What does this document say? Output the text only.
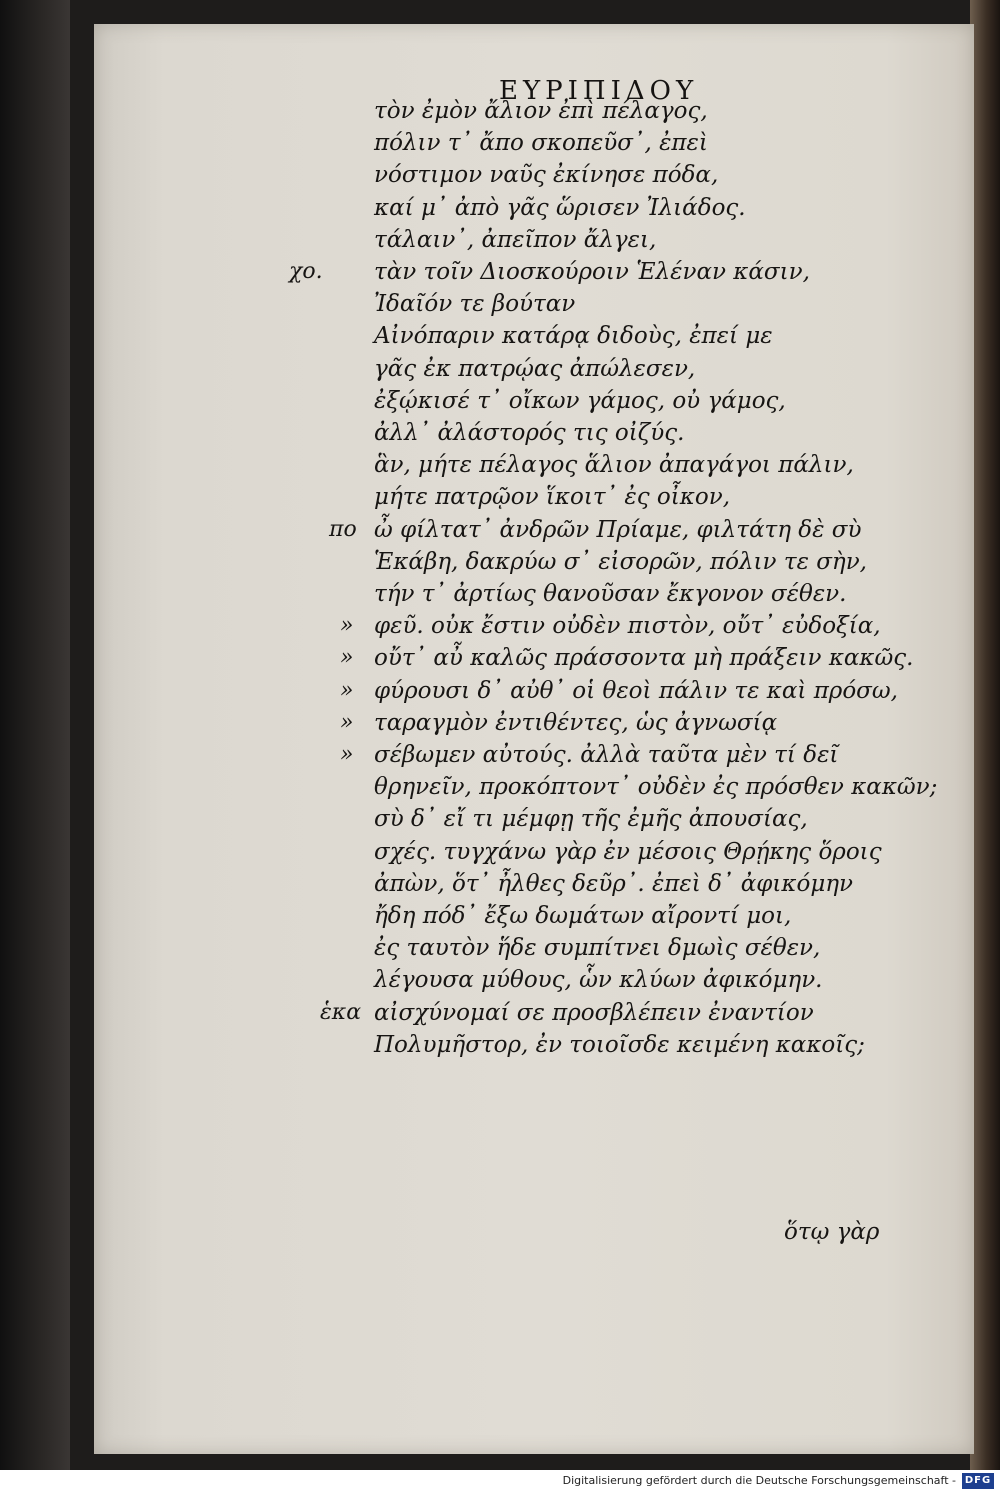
ΕΥΡΙΠΙΔΟΥ
τὸν ἐμὸν ἄλιον ἐπὶ πέλαγος,
πόλιν τ᾽ ἄπο σκοπεῦσ᾽, ἐπεὶ
νόστιμον ναῦς ἐκίνησε πόδα,
καί μ᾽ ἀπὸ γᾶς ὥρισεν Ἰλιάδος.
τάλαιν᾽, ἀπεῖπον ἄλγει,
χο. τὰν τοῖν Διοσκούροιν Ἑλέναν κάσιν,
Ἰδαῖόν τε βούταν
Αἰνόπαριν κατάρᾳ διδοὺς, ἐπεί με
γᾶς ἐκ πατρῴας ἀπώλεσεν,
ἐξῴκισέ τ᾽ οἴκων γάμος, οὐ γάμος,
ἀλλ᾽ ἀλάστορός τις οἰζύς.
ἃν, μήτε πέλαγος ἅλιον ἀπαγάγοι πάλιν,
μήτε πατρῷον ἵκοιτ᾽ ἐς οἶκον,
πο ὦ φίλτατ᾽ ἀνδρῶν Πρίαμε, φιλτάτη δὲ σὺ
Ἑκάβη, δακρύω σ᾽ εἰσορῶν, πόλιν τε σὴν,
τήν τ᾽ ἀρτίως θανοῦσαν ἔκγονον σέθεν.
» φεῦ. οὐκ ἔστιν οὐδὲν πιστὸν, οὔτ᾽ εὐδοξία,
» οὔτ᾽ αὖ καλῶς πράσσοντα μὴ πράξειν κακῶς.
» φύρουσι δ᾽ αὐθ᾽ οἱ θεοὶ πάλιν τε καὶ πρόσω,
» ταραγμὸν ἐντιθέντες, ὡς ἀγνωσίᾳ
» σέβωμεν αὐτούς. ἀλλὰ ταῦτα μὲν τί δεῖ
θρηνεῖν, προκόπτοντ᾽ οὐδὲν ἐς πρόσθεν κακῶν;
σὺ δ᾽ εἴ τι μέμφῃ τῆς ἐμῆς ἀπουσίας,
σχές. τυγχάνω γὰρ ἐν μέσοις Θρῄκης ὅροις
ἀπὼν, ὅτ᾽ ἦλθες δεῦρ᾽. ἐπεὶ δ᾽ ἀφικόμην
ἤδη πόδ᾽ ἔξω δωμάτων αἴροντί μοι,
ἐς ταυτὸν ἥδε συμπίτνει δμωὶς σέθεν,
λέγουσα μύθους, ὧν κλύων ἀφικόμην.
ἑκα αἰσχύνομαί σε προσβλέπειν ἐναντίον
Πολυμῆστορ, ἐν τοιοῖσδε κειμένη κακοῖς;
ὅτῳ γὰρ
Digitalisierung gefördert durch die Deutsche Forschungsgemeinschaft - DFG
